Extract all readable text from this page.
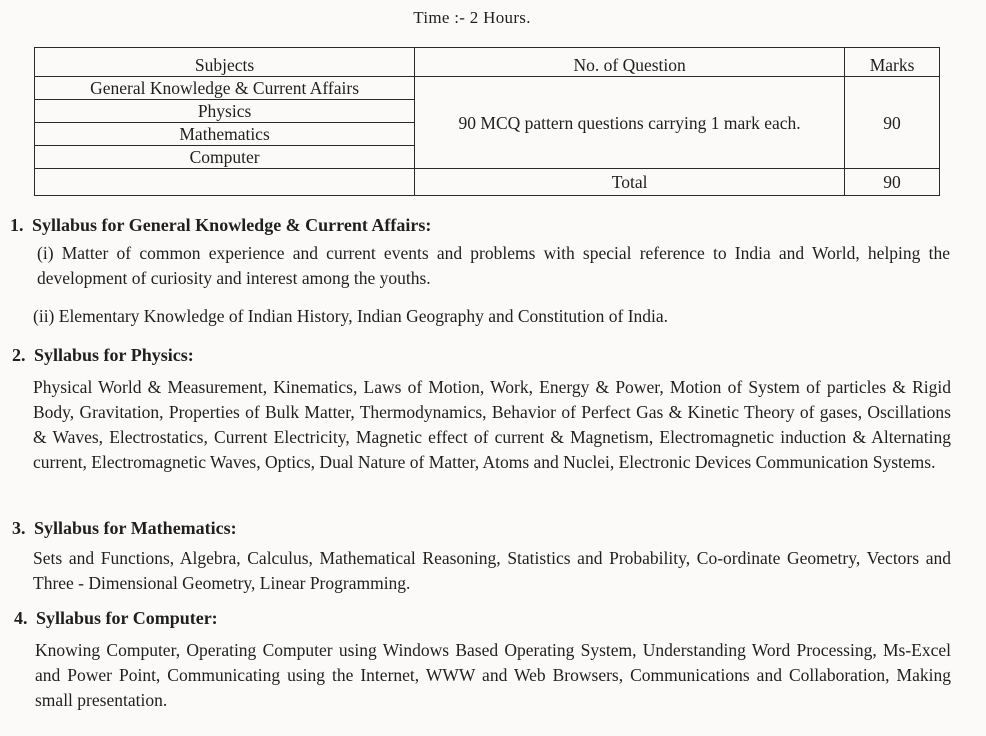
Time :- 2 Hours.
Subjects	No. of Question	Marks
General Knowledge & Current Affairs	90 MCQ pattern questions carrying 1 mark each.	90
Physics		
Mathematics		
Computer		
	Total	90
1. Syllabus for General Knowledge & Current Affairs:
(i) Matter of common experience and current events and problems with special reference to India and World, helping the development of curiosity and interest among the youths.
(ii) Elementary Knowledge of Indian History, Indian Geography and Constitution of India.
2. Syllabus for Physics:
Physical World & Measurement, Kinematics, Laws of Motion, Work, Energy & Power, Motion of System of particles & Rigid Body, Gravitation, Properties of Bulk Matter, Thermodynamics, Behavior of Perfect Gas & Kinetic Theory of gases, Oscillations & Waves, Electrostatics, Current Electricity, Magnetic effect of current & Magnetism, Electromagnetic induction & Alternating current, Electromagnetic Waves, Optics, Dual Nature of Matter, Atoms and Nuclei, Electronic Devices Communication Systems.
3. Syllabus for Mathematics:
Sets and Functions, Algebra, Calculus, Mathematical Reasoning, Statistics and Probability, Co-ordinate Geometry, Vectors and Three - Dimensional Geometry, Linear Programming.
4. Syllabus for Computer:
Knowing Computer, Operating Computer using Windows Based Operating System, Understanding Word Processing, Ms-Excel and Power Point, Communicating using the Internet, WWW and Web Browsers, Communications and Collaboration, Making small presentation.
